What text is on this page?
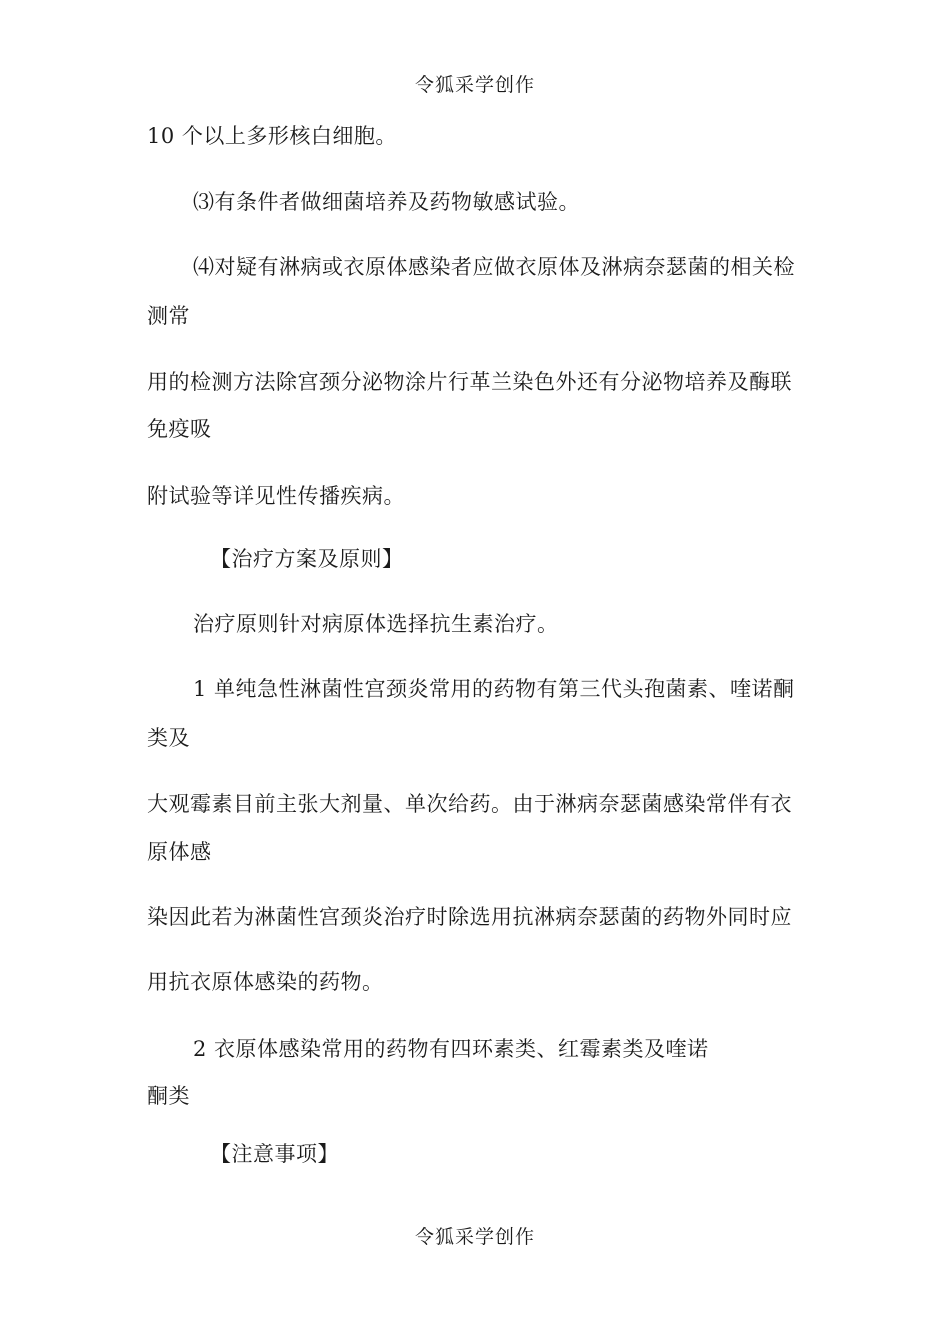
令狐采学创作
10 个以上多形核白细胞。
⑶有条件者做细菌培养及药物敏感试验。
⑷对疑有淋病或衣原体感染者应做衣原体及淋病奈瑟菌的相关检
测常
用的检测方法除宫颈分泌物涂片行革兰染色外还有分泌物培养及酶联
免疫吸
附试验等详见性传播疾病。
【治疗方案及原则】
治疗原则针对病原体选择抗生素治疗。
1 单纯急性淋菌性宫颈炎常用的药物有第三代头孢菌素、喹诺酮
类及
大观霉素目前主张大剂量、单次给药。由于淋病奈瑟菌感染常伴有衣
原体感
染因此若为淋菌性宫颈炎治疗时除选用抗淋病奈瑟菌的药物外同时应
用抗衣原体感染的药物。
2 衣原体感染常用的药物有四环素类、红霉素类及喹诺
酮类
【注意事项】
令狐采学创作
